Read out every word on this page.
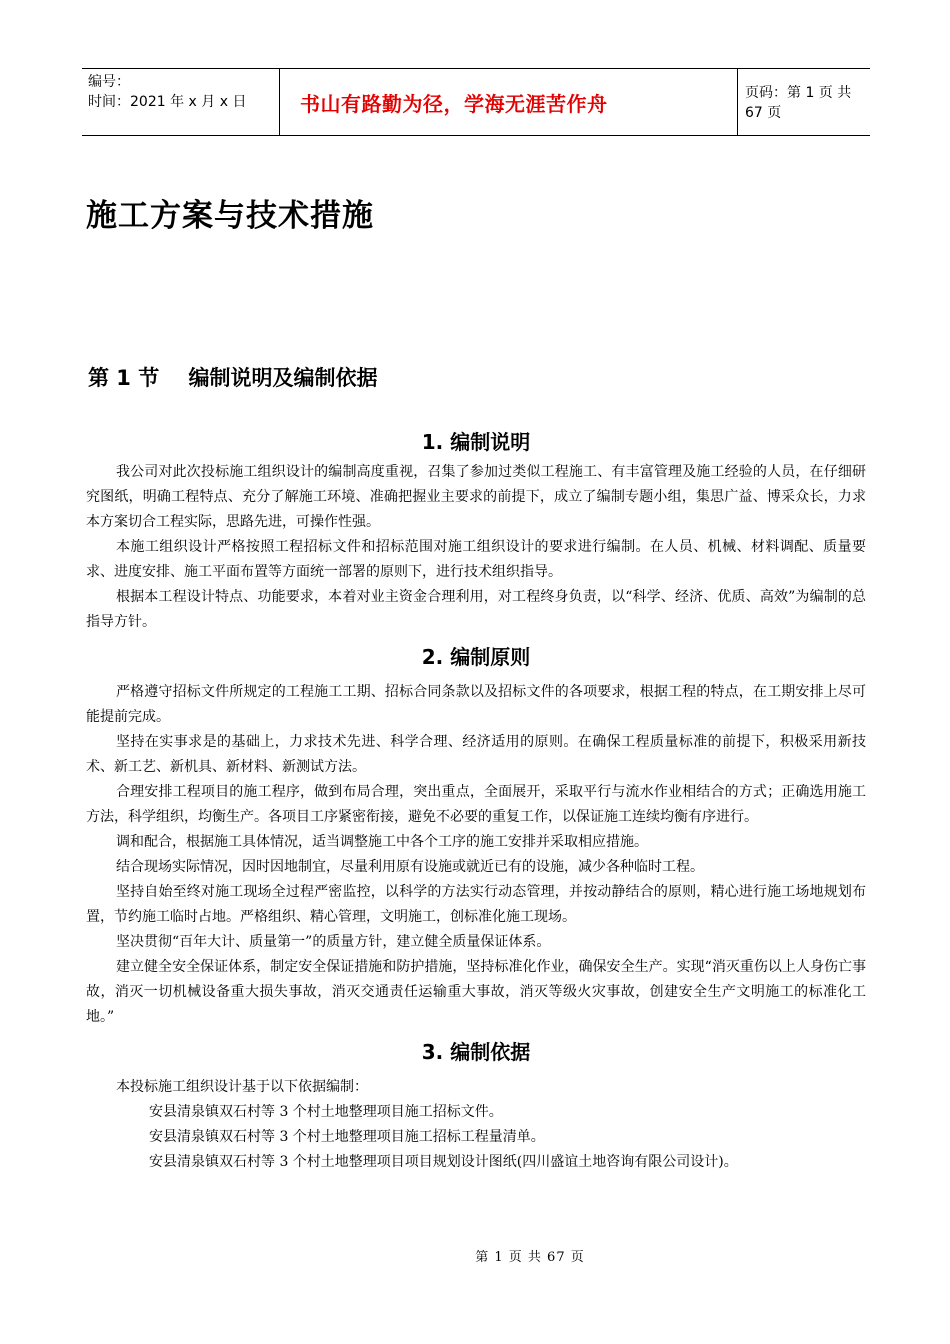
编号：
时间：2021 年 x 月 x 日	书山有路勤为径，学海无涯苦作舟	页码：第 1 页 共 67 页
施工方案与技术措施
第 1 节    编制说明及编制依据
1. 编制说明

我公司对此次投标施工组织设计的编制高度重视，召集了参加过类似工程施工、有丰富管理及施工经验的人员，在仔细研究图纸，明确工程特点、充分了解施工环境、准确把握业主要求的前提下，成立了编制专题小组，集思广益、博采众长，力求本方案切合工程实际，思路先进，可操作性强。

本施工组织设计严格按照工程招标文件和招标范围对施工组织设计的要求进行编制。在人员、机械、材料调配、质量要求、进度安排、施工平面布置等方面统一部署的原则下，进行技术组织指导。

根据本工程设计特点、功能要求，本着对业主资金合理利用，对工程终身负责，以“科学、经济、优质、高效”为编制的总指导方针。

2. 编制原则

严格遵守招标文件所规定的工程施工工期、招标合同条款以及招标文件的各项要求，根据工程的特点，在工期安排上尽可能提前完成。

坚持在实事求是的基础上，力求技术先进、科学合理、经济适用的原则。在确保工程质量标准的前提下，积极采用新技术、新工艺、新机具、新材料、新测试方法。

合理安排工程项目的施工程序，做到布局合理，突出重点，全面展开，采取平行与流水作业相结合的方式；正确选用施工方法，科学组织，均衡生产。各项目工序紧密衔接，避免不必要的重复工作，以保证施工连续均衡有序进行。

调和配合，根据施工具体情况，适当调整施工中各个工序的施工安排并采取相应措施。

结合现场实际情况，因时因地制宜，尽量利用原有设施或就近已有的设施，减少各种临时工程。

坚持自始至终对施工现场全过程严密监控，以科学的方法实行动态管理，并按动静结合的原则，精心进行施工场地规划布置，节约施工临时占地。严格组织、精心管理，文明施工，创标准化施工现场。

坚决贯彻“百年大计、质量第一”的质量方针，建立健全质量保证体系。

建立健全安全保证体系，制定安全保证措施和防护措施，坚持标准化作业，确保安全生产。实现“消灭重伤以上人身伤亡事故，消灭一切机械设备重大损失事故，消灭交通责任运输重大事故，消灭等级火灾事故，创建安全生产文明施工的标准化工地。”

3. 编制依据

本投标施工组织设计基于以下依据编制：

安县清泉镇双石村等 3 个村土地整理项目施工招标文件。

安县清泉镇双石村等 3 个村土地整理项目施工招标工程量清单。

安县清泉镇双石村等 3 个村土地整理项目项目规划设计图纸(四川盛谊土地咨询有限公司设计)。

第 1 页 共 67 页
